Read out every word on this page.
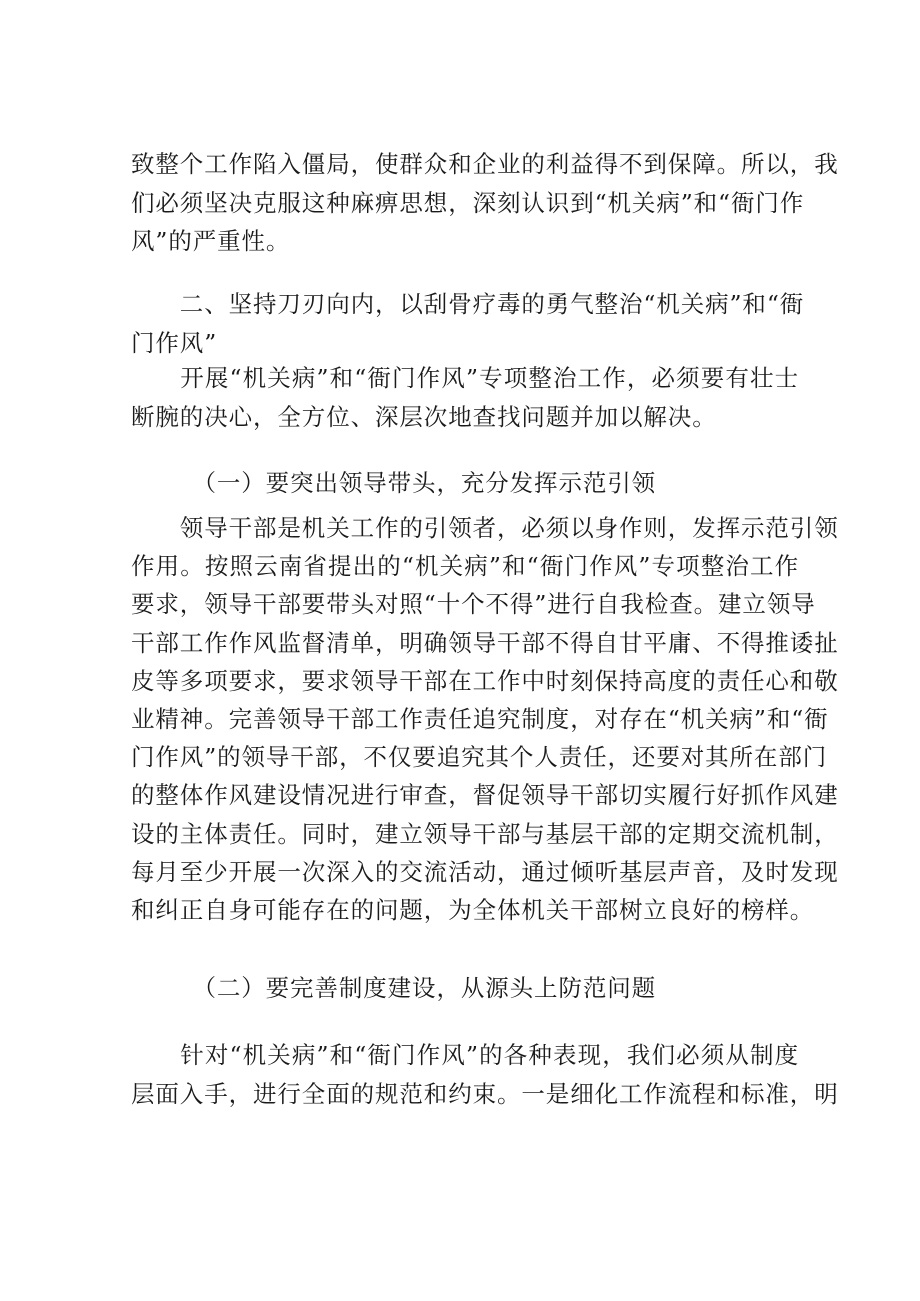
致整个工作陷入僵局，使群众和企业的利益得不到保障。所以，我
们必须坚决克服这种麻痹思想，深刻认识到“机关病”和“衙门作
风”的严重性。
　　二、坚持刀刃向内，以刮骨疗毒的勇气整治“机关病”和“衙
门作风”
　　开展“机关病”和“衙门作风”专项整治工作，必须要有壮士
断腕的决心，全方位、深层次地查找问题并加以解决。
　　　（一）要突出领导带头，充分发挥示范引领
　　领导干部是机关工作的引领者，必须以身作则，发挥示范引领
作用。按照云南省提出的“机关病”和“衙门作风”专项整治工作
要求，领导干部要带头对照“十个不得”进行自我检查。建立领导
干部工作作风监督清单，明确领导干部不得自甘平庸、不得推诿扯
皮等多项要求，要求领导干部在工作中时刻保持高度的责任心和敬
业精神。完善领导干部工作责任追究制度，对存在“机关病”和“衙
门作风”的领导干部，不仅要追究其个人责任，还要对其所在部门
的整体作风建设情况进行审查，督促领导干部切实履行好抓作风建
设的主体责任。同时，建立领导干部与基层干部的定期交流机制，
每月至少开展一次深入的交流活动，通过倾听基层声音，及时发现
和纠正自身可能存在的问题，为全体机关干部树立良好的榜样。
　　　（二）要完善制度建设，从源头上防范问题
　　针对“机关病”和“衙门作风”的各种表现，我们必须从制度
层面入手，进行全面的规范和约束。一是细化工作流程和标准，明
